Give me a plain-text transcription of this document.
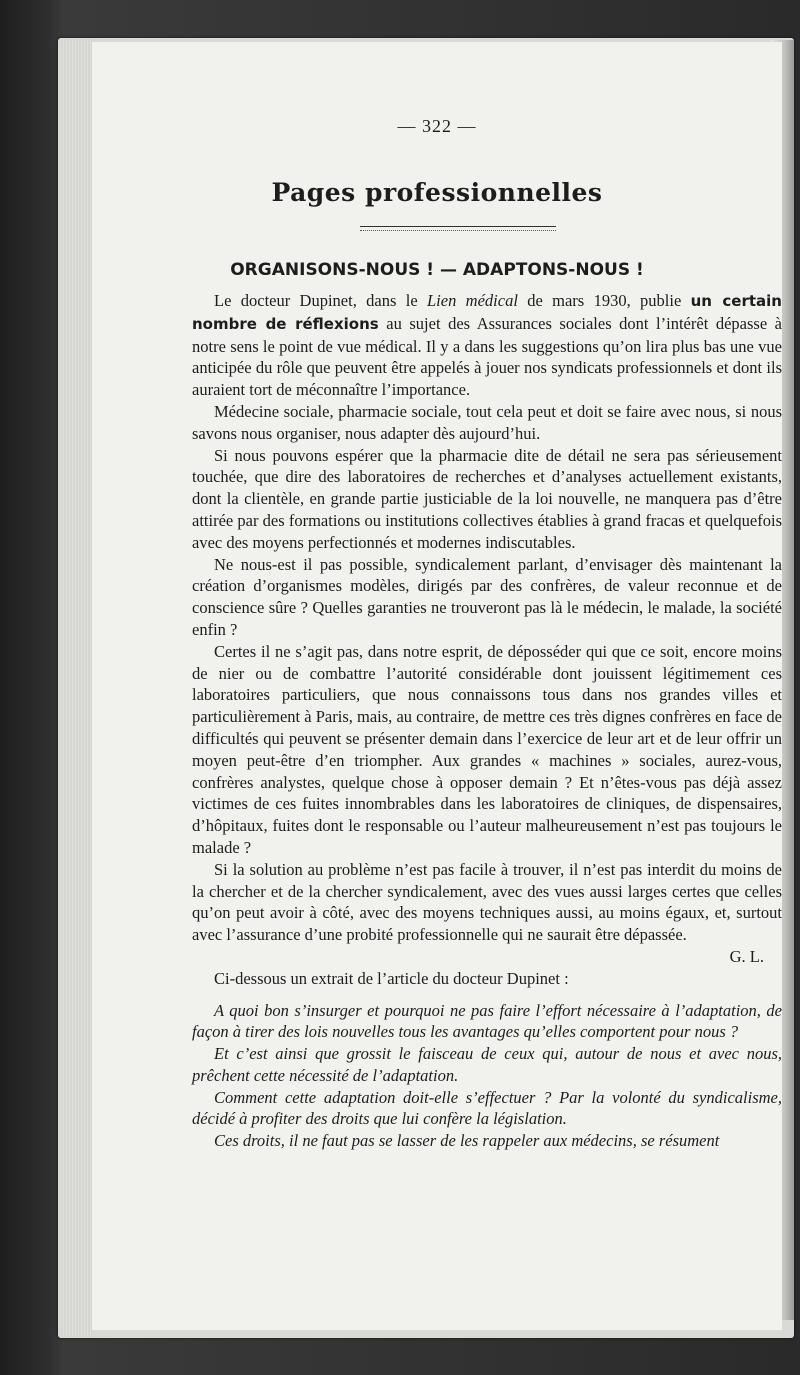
— 322 —
Pages professionnelles
ORGANISONS-NOUS ! — ADAPTONS-NOUS !

Le docteur Dupinet, dans le Lien médical de mars 1930, publie un certain nombre de réflexions au sujet des Assurances sociales dont l’intérêt dépasse à notre sens le point de vue médical. Il y a dans les suggestions qu’on lira plus bas une vue anticipée du rôle que peuvent être appelés à jouer nos syndicats professionnels et dont ils auraient tort de méconnaître l’importance.

Médecine sociale, pharmacie sociale, tout cela peut et doit se faire avec nous, si nous savons nous organiser, nous adapter dès aujourd’hui.

Si nous pouvons espérer que la pharmacie dite de détail ne sera pas sérieusement touchée, que dire des laboratoires de recherches et d’analyses actuellement existants, dont la clientèle, en grande partie justiciable de la loi nouvelle, ne manquera pas d’être attirée par des formations ou institutions collectives établies à grand fracas et quelquefois avec des moyens perfectionnés et modernes indiscutables.

Ne nous-est il pas possible, syndicalement parlant, d’envisager dès maintenant la création d’organismes modèles, dirigés par des confrères, de valeur reconnue et de conscience sûre ? Quelles garanties ne trouveront pas là le médecin, le malade, la société enfin ?

Certes il ne s’agit pas, dans notre esprit, de déposséder qui que ce soit, encore moins de nier ou de combattre l’autorité considérable dont jouissent légitimement ces laboratoires particuliers, que nous connaissons tous dans nos grandes villes et particulièrement à Paris, mais, au contraire, de mettre ces très dignes confrères en face de difficultés qui peuvent se présenter demain dans l’exercice de leur art et de leur offrir un moyen peut-être d’en triompher. Aux grandes « machines » sociales, aurez-vous, confrères analystes, quelque chose à opposer demain ? Et n’êtes-vous pas déjà assez victimes de ces fuites innombrables dans les laboratoires de cliniques, de dispensaires, d’hôpitaux, fuites dont le responsable ou l’auteur malheureusement n’est pas toujours le malade ?

Si la solution au problème n’est pas facile à trouver, il n’est pas interdit du moins de la chercher et de la chercher syndicalement, avec des vues aussi larges certes que celles qu’on peut avoir à côté, avec des moyens techniques aussi, au moins égaux, et, surtout avec l’assurance d’une probité professionnelle qui ne saurait être dépassée.

G. L.

Ci-dessous un extrait de l’article du docteur Dupinet :

A quoi bon s’insurger et pourquoi ne pas faire l’effort nécessaire à l’adaptation, de façon à tirer des lois nouvelles tous les avantages qu’elles comportent pour nous ?

Et c’est ainsi que grossit le faisceau de ceux qui, autour de nous et avec nous, prêchent cette nécessité de l’adaptation.

Comment cette adaptation doit-elle s’effectuer ? Par la volonté du syndicalisme, décidé à profiter des droits que lui confère la législation.

Ces droits, il ne faut pas se lasser de les rappeler aux médecins, se résument
